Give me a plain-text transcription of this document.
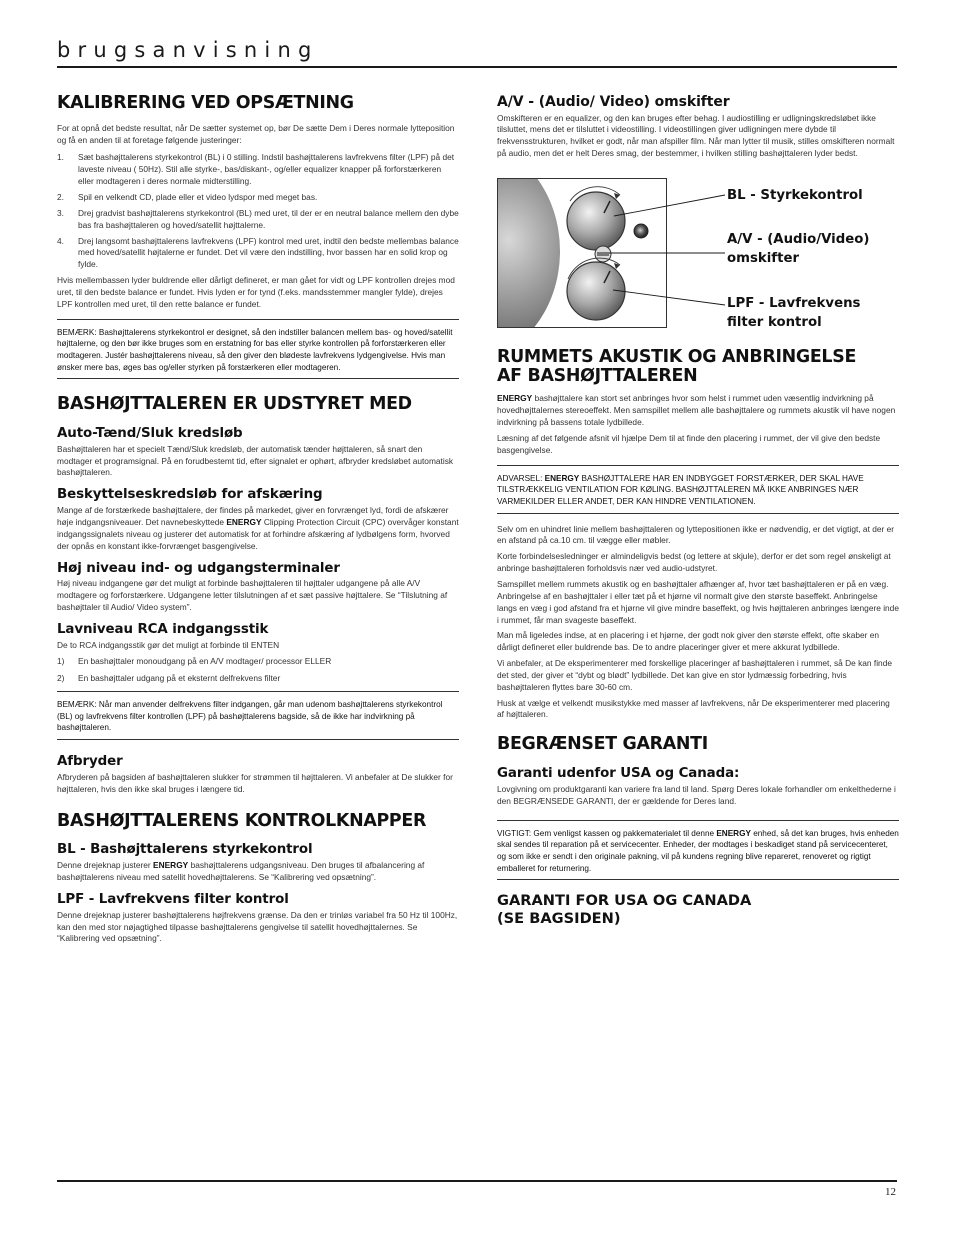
brugsanvisning
KALIBRERING VED OPSÆTNING

For at opnå det bedste resultat, når De sætter systemet op, bør De sætte Dem i Deres normale lytteposition og få en anden til at foretage følgende justeringer:

1. Sæt bashøjttalerens styrkekontrol (BL) i 0 stilling. Indstil bashøjttalerens lavfrekvens filter (LPF) på det laveste niveau ( 50Hz). Stil alle styrke-, bas/diskant-, og/eller equalizer knapper på forforstærkeren eller modtageren i deres normale midterstilling.
2. Spil en velkendt CD, plade eller et video lydspor med meget bas.
3. Drej gradvist bashøjttalerens styrkekontrol (BL) med uret, til der er en neutral balance mellem den dybe bas fra bashøjttaleren og hoved/satellit højttalerne.
4. Drej langsomt bashøjttalerens lavfrekvens (LPF) kontrol med uret, indtil den bedste mellembas balance med hoved/satellit højtalerne er fundet. Det vil være den indstilling, hvor bassen har en solid krop og fylde.

Hvis mellembassen lyder buldrende eller dårligt defineret, er man gået for vidt og LPF kontrollen drejes mod uret, til den bedste balance er fundet. Hvis lyden er for tynd (f.eks. mandsstemmer mangler fylde), drejes LPF kontrollen med uret, til den rette balance er fundet.

BEMÆRK: Bashøjttalerens styrkekontrol er designet, så den indstiller balancen mellem bas- og hoved/satellit højttalerne, og den bør ikke bruges som en erstatning for bas eller styrke kontrollen på forforstærkeren eller modtageren. Justér bashøjttalerens niveau, så den giver den blødeste lavfrekvens lydgengivelse. Hvis man ønsker mere bas, øges bas og/eller styrken på forstærkeren eller modtageren.
BASHØJTTALEREN ER UDSTYRET MED
Auto-Tænd/Sluk kredsløb

Bashøjttaleren har et specielt Tænd/Sluk kredsløb, der automatisk tænder højttaleren, så snart den modtager et programsignal. På en forudbestemt tid, efter signalet er ophørt, afbryder kredsløbet automatisk bashøjttaleren.

Beskyttelseskredsløb for afskæring

Mange af de forstærkede bashøjttalere, der findes på markedet, giver en forvrænget lyd, fordi de afskærer høje indgangsniveauer. Det navnebeskyttede ENERGY Clipping Protection Circuit (CPC) overvåger konstant indgangssignalets niveau og justerer det automatisk for at forhindre afskæring af lydbølgens form, hvorved der opnås en konstant ikke-forvrænget basgengivelse.

Høj niveau ind- og udgangsterminaler

Høj niveau indgangene gør det muligt at forbinde bashøjttaleren til højttaler udgangene på alle A/V modtagere og forforstærkere. Udgangene letter tilslutningen af et sæt passive højttalere. Se “Tilslutning af bashøjttaler til Audio/ Video system”.

Lavniveau RCA indgangsstik

De to RCA indgangsstik gør det muligt at forbinde til ENTEN

1) En bashøjttaler monoudgang på en A/V modtager/ processor ELLER
2) En bashøjttaler udgang på et eksternt delfrekvens filter
BEMÆRK: Når man anvender delfrekvens filter indgangen, går man udenom bashøjttalerens styrkekontrol (BL) og lavfrekvens filter kontrollen (LPF) på bashøjttalerens bagside, så de ikke har indvirkning på bashøjttaleren.
Afbryder

Afbryderen på bagsiden af bashøjttaleren slukker for strømmen til højttaleren. Vi anbefaler at De slukker for højttaleren, hvis den ikke skal bruges i længere tid.

BASHØJTTALERENS KONTROLKNAPPER
BL - Bashøjttalerens styrkekontrol

Denne drejeknap justerer ENERGY bashøjttalerens udgangsniveau. Den bruges til afbalancering af bashøjttalerens niveau med satellit hovedhøjttalerens. Se “Kalibrering ved opsætning”.

LPF - Lavfrekvens filter kontrol

Denne drejeknap justerer bashøjttalerens højfrekvens grænse. Da den er trinløs variabel fra 50 Hz til 100Hz, kan den med stor nøjagtighed tilpasse bashøjttalerens gengivelse til satellit hovedhøjttalernes. Se “Kalibrering ved opsætning”.

A/V - (Audio/ Video) omskifter

Omskifteren er en equalizer, og den kan bruges efter behag. I audiostilling er udligningskredsløbet ikke tilsluttet, mens det er tilsluttet i videostilling. I videostillingen giver udligningen mere dybde til frekvensstrukturen, hvilket er godt, når man afspiller film. Når man lytter til musik, stilles omskifteren normalt på audio, men det er helt Deres smag, der bestemmer, i hvilken stilling bashøjttaleren lyder bedst.

BL - Styrkekontrol
A/V - (Audio/Video)
omskifter
LPF - Lavfrekvens
filter kontrol
RUMMETS AKUSTIK OG ANBRINGELSE
AF BASHØJTTALEREN

ENERGY bashøjttalere kan stort set anbringes hvor som helst i rummet uden væsentlig indvirkning på hovedhøjttalernes stereoeffekt. Men samspillet mellem alle bashøjttalere og rummets akustik vil have nogen indvirkning på bassens totale lydbillede.

Læsning af det følgende afsnit vil hjælpe Dem til at finde den placering i rummet, der vil give den bedste basgengivelse.

ADVARSEL: ENERGY BASHØJTTALERE HAR EN INDBYGGET FORSTÆRKER, DER SKAL HAVE TILSTRÆKKELIG VENTILATION FOR KØLING. BASHØJTTALEREN MÅ IKKE ANBRINGES NÆR VARMEKILDER ELLER ANDET, DER KAN HINDRE VENTILATIONEN.

Selv om en uhindret linie mellem bashøjttaleren og lyttepositionen ikke er nødvendig, er det vigtigt, at der er en afstand på ca.10 cm. til vægge eller møbler.

Korte forbindelsesledninger er almindeligvis bedst (og lettere at skjule), derfor er det som regel ønskeligt at anbringe bashøjttaleren forholdsvis nær ved audio-udstyret.

Samspillet mellem rummets akustik og en bashøjttaler afhænger af, hvor tæt bashøjttaleren er på en væg. Anbringelse af en bashøjttaler i eller tæt på et hjørne vil normalt give den største baseffekt. Anbringelse langs en væg i god afstand fra et hjørne vil give mindre baseffekt, og hvis højttaleren anbringes længere inde i rummet, får man svageste baseffekt.

Man må ligeledes indse, at en placering i et hjørne, der godt nok giver den største effekt, ofte skaber en dårligt defineret eller buldrende bas. De to andre placeringer giver et mere akkurat lydbillede.

Vi anbefaler, at De eksperimenterer med forskellige placeringer af bashøjttaleren i rummet, så De kan finde det sted, der giver et “dybt og blødt” lydbillede. Det kan give en stor lydmæssig forbedring, hvis bashøjttaleren flyttes bare 30-60 cm.

Husk at vælge et velkendt musikstykke med masser af lavfrekvens, når De eksperimenterer med placering af højttaleren.

BEGRÆNSET GARANTI
Garanti udenfor USA og Canada:

Lovgivning om produktgaranti kan variere fra land til land. Spørg Deres lokale forhandler om enkelthederne i den BEGRÆNSEDE GARANTI, der er gældende for Deres land.

VIGTIGT: Gem venligst kassen og pakkematerialet til denne ENERGY enhed, så det kan bruges, hvis enheden skal sendes til reparation på et servicecenter. Enheder, der modtages i beskadiget stand på servicecenteret, og som ikke er sendt i den originale pakning, vil på kundens regning blive repareret, renoveret og rigtigt emballeret for returnering.
GARANTI FOR USA OG CANADA
(SE BAGSIDEN)
12
